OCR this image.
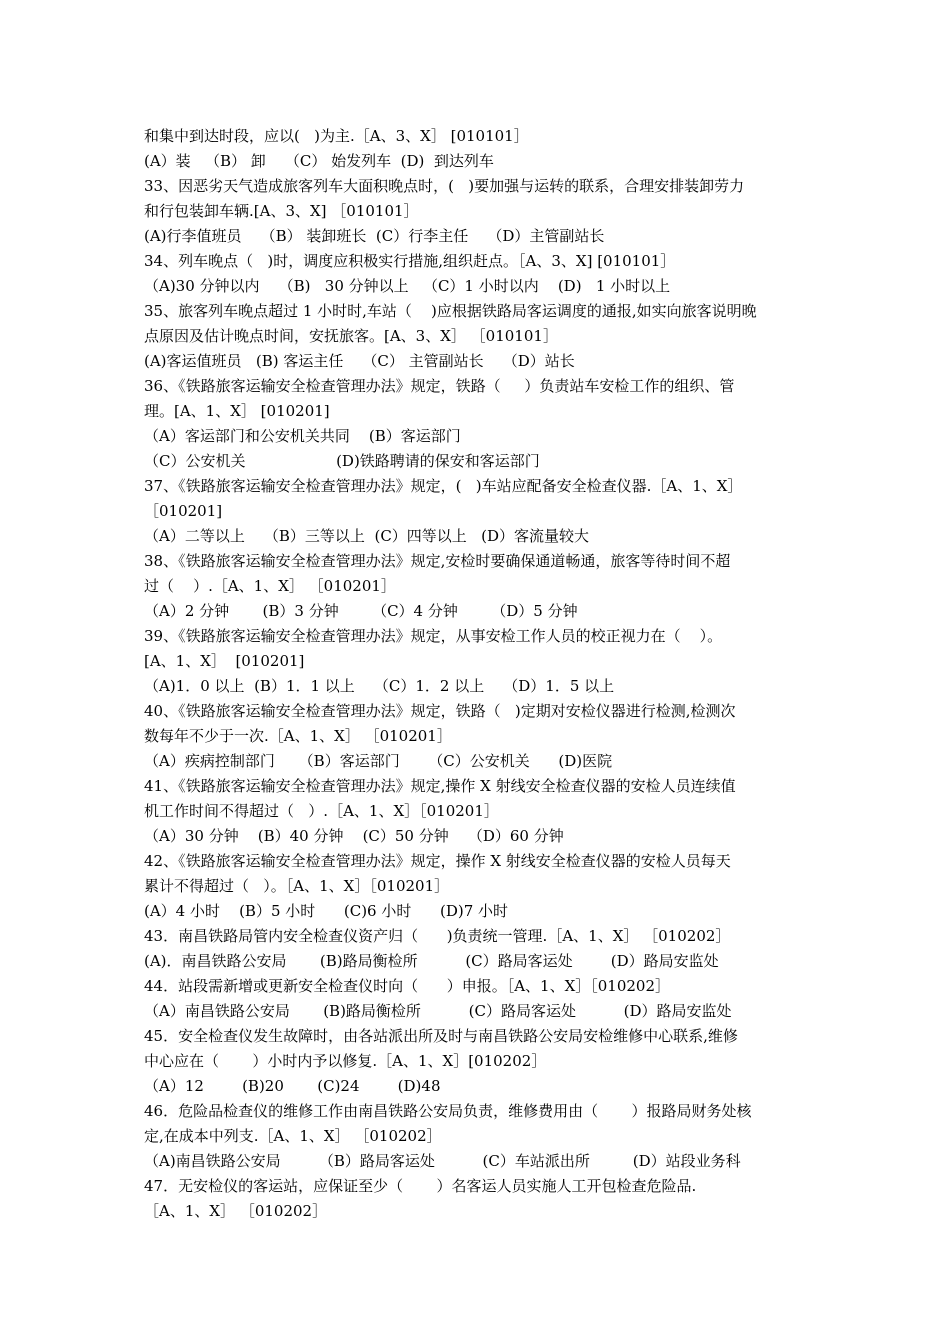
和集中到达时段，应以(   )为主.［A、3、X］ [010101］
(A）装   （B） 卸    （C） 始发列车  (D)  到达列车
33、因恶劣天气造成旅客列车大面积晚点时，(   )要加强与运转的联系，合理安排装卸劳力
和行包装卸车辆.[A、3、X] ［010101］
(A)行李值班员    （B） 装卸班长  (C）行李主任    （D）主管副站长
34、列车晚点（   )时，调度应积极实行措施,组织赶点。［A、3、X] [010101］
（A)30 分钟以内    （B)   30 分钟以上   （C）1 小时以内    (D)   1 小时以上
35、旅客列车晚点超过 1 小时时,车站（    )应根据铁路局客运调度的通报,如实向旅客说明晚
点原因及估计晚点时间，安抚旅客。[A、3、X］ ［010101］
(A)客运值班员   (B) 客运主任    （C） 主管副站长    （D）站长
36、《铁路旅客运输安全检查管理办法》规定，铁路（     ）负责站车安检工作的组织、管
理。[A、1、X］ [010201]
（A）客运部门和公安机关共同    (B）客运部门
（C）公安机关                   (D)铁路聘请的保安和客运部门
37、《铁路旅客运输安全检查管理办法》规定，(   )车站应配备安全检查仪器.［A、1、X］
［010201]
（A）二等以上    （B）三等以上  (C）四等以上   (D）客流量较大
38、《铁路旅客运输安全检查管理办法》规定,安检时要确保通道畅通，旅客等待时间不超
过（    ）.［A、1、X］ ［010201］
（A）2 分钟       (B）3 分钟       （C）4 分钟       （D）5 分钟
39、《铁路旅客运输安全检查管理办法》规定，从事安检工作人员的校正视力在（    ）。
[A、1、X］  [010201]
（A)1．0 以上  (B）1．1 以上    （C）1．2 以上    （D）1．5 以上
40、《铁路旅客运输安全检查管理办法》规定，铁路（   )定期对安检仪器进行检测,检测次
数每年不少于一次.［A、1、X］ ［010201］
（A）疾病控制部门     （B）客运部门      （C）公安机关      (D)医院
41、《铁路旅客运输安全检查管理办法》规定,操作 X 射线安全检查仪器的安检人员连续值
机工作时间不得超过（   ）.［A、1、X］［010201］
（A）30 分钟    (B）40 分钟    (C）50 分钟    （D）60 分钟
42、《铁路旅客运输安全检查管理办法》规定，操作 X 射线安全检查仪器的安检人员每天
累计不得超过（   ）。［A、1、X］［010201］
(A）4 小时    (B）5 小时      (C)6 小时      (D)7 小时
43．南昌铁路局管内安全检查仪资产归（      )负责统一管理.［A、1、X］ ［010202］
(A)．南昌铁路公安局       (B)路局衡检所          (C）路局客运处        (D）路局安监处
44．站段需新增或更新安全检查仪时向（      ）申报。［A、1、X］［010202］
（A）南昌铁路公安局       (B)路局衡检所          (C）路局客运处          (D）路局安监处
45．安全检查仪发生故障时，由各站派出所及时与南昌铁路公安局安检维修中心联系,维修
中心应在（       ）小时内予以修复.［A、1、X］[010202］
（A）12        (B)20       (C)24        (D)48
46．危险品检查仪的维修工作由南昌铁路公安局负责，维修费用由（       ）报路局财务处核
定,在成本中列支.［A、1、X］ ［010202］
（A)南昌铁路公安局        （B）路局客运处          (C）车站派出所         (D）站段业务科
47．无安检仪的客运站，应保证至少（       ）名客运人员实施人工开包检查危险品.
［A、1、X］ ［010202］
